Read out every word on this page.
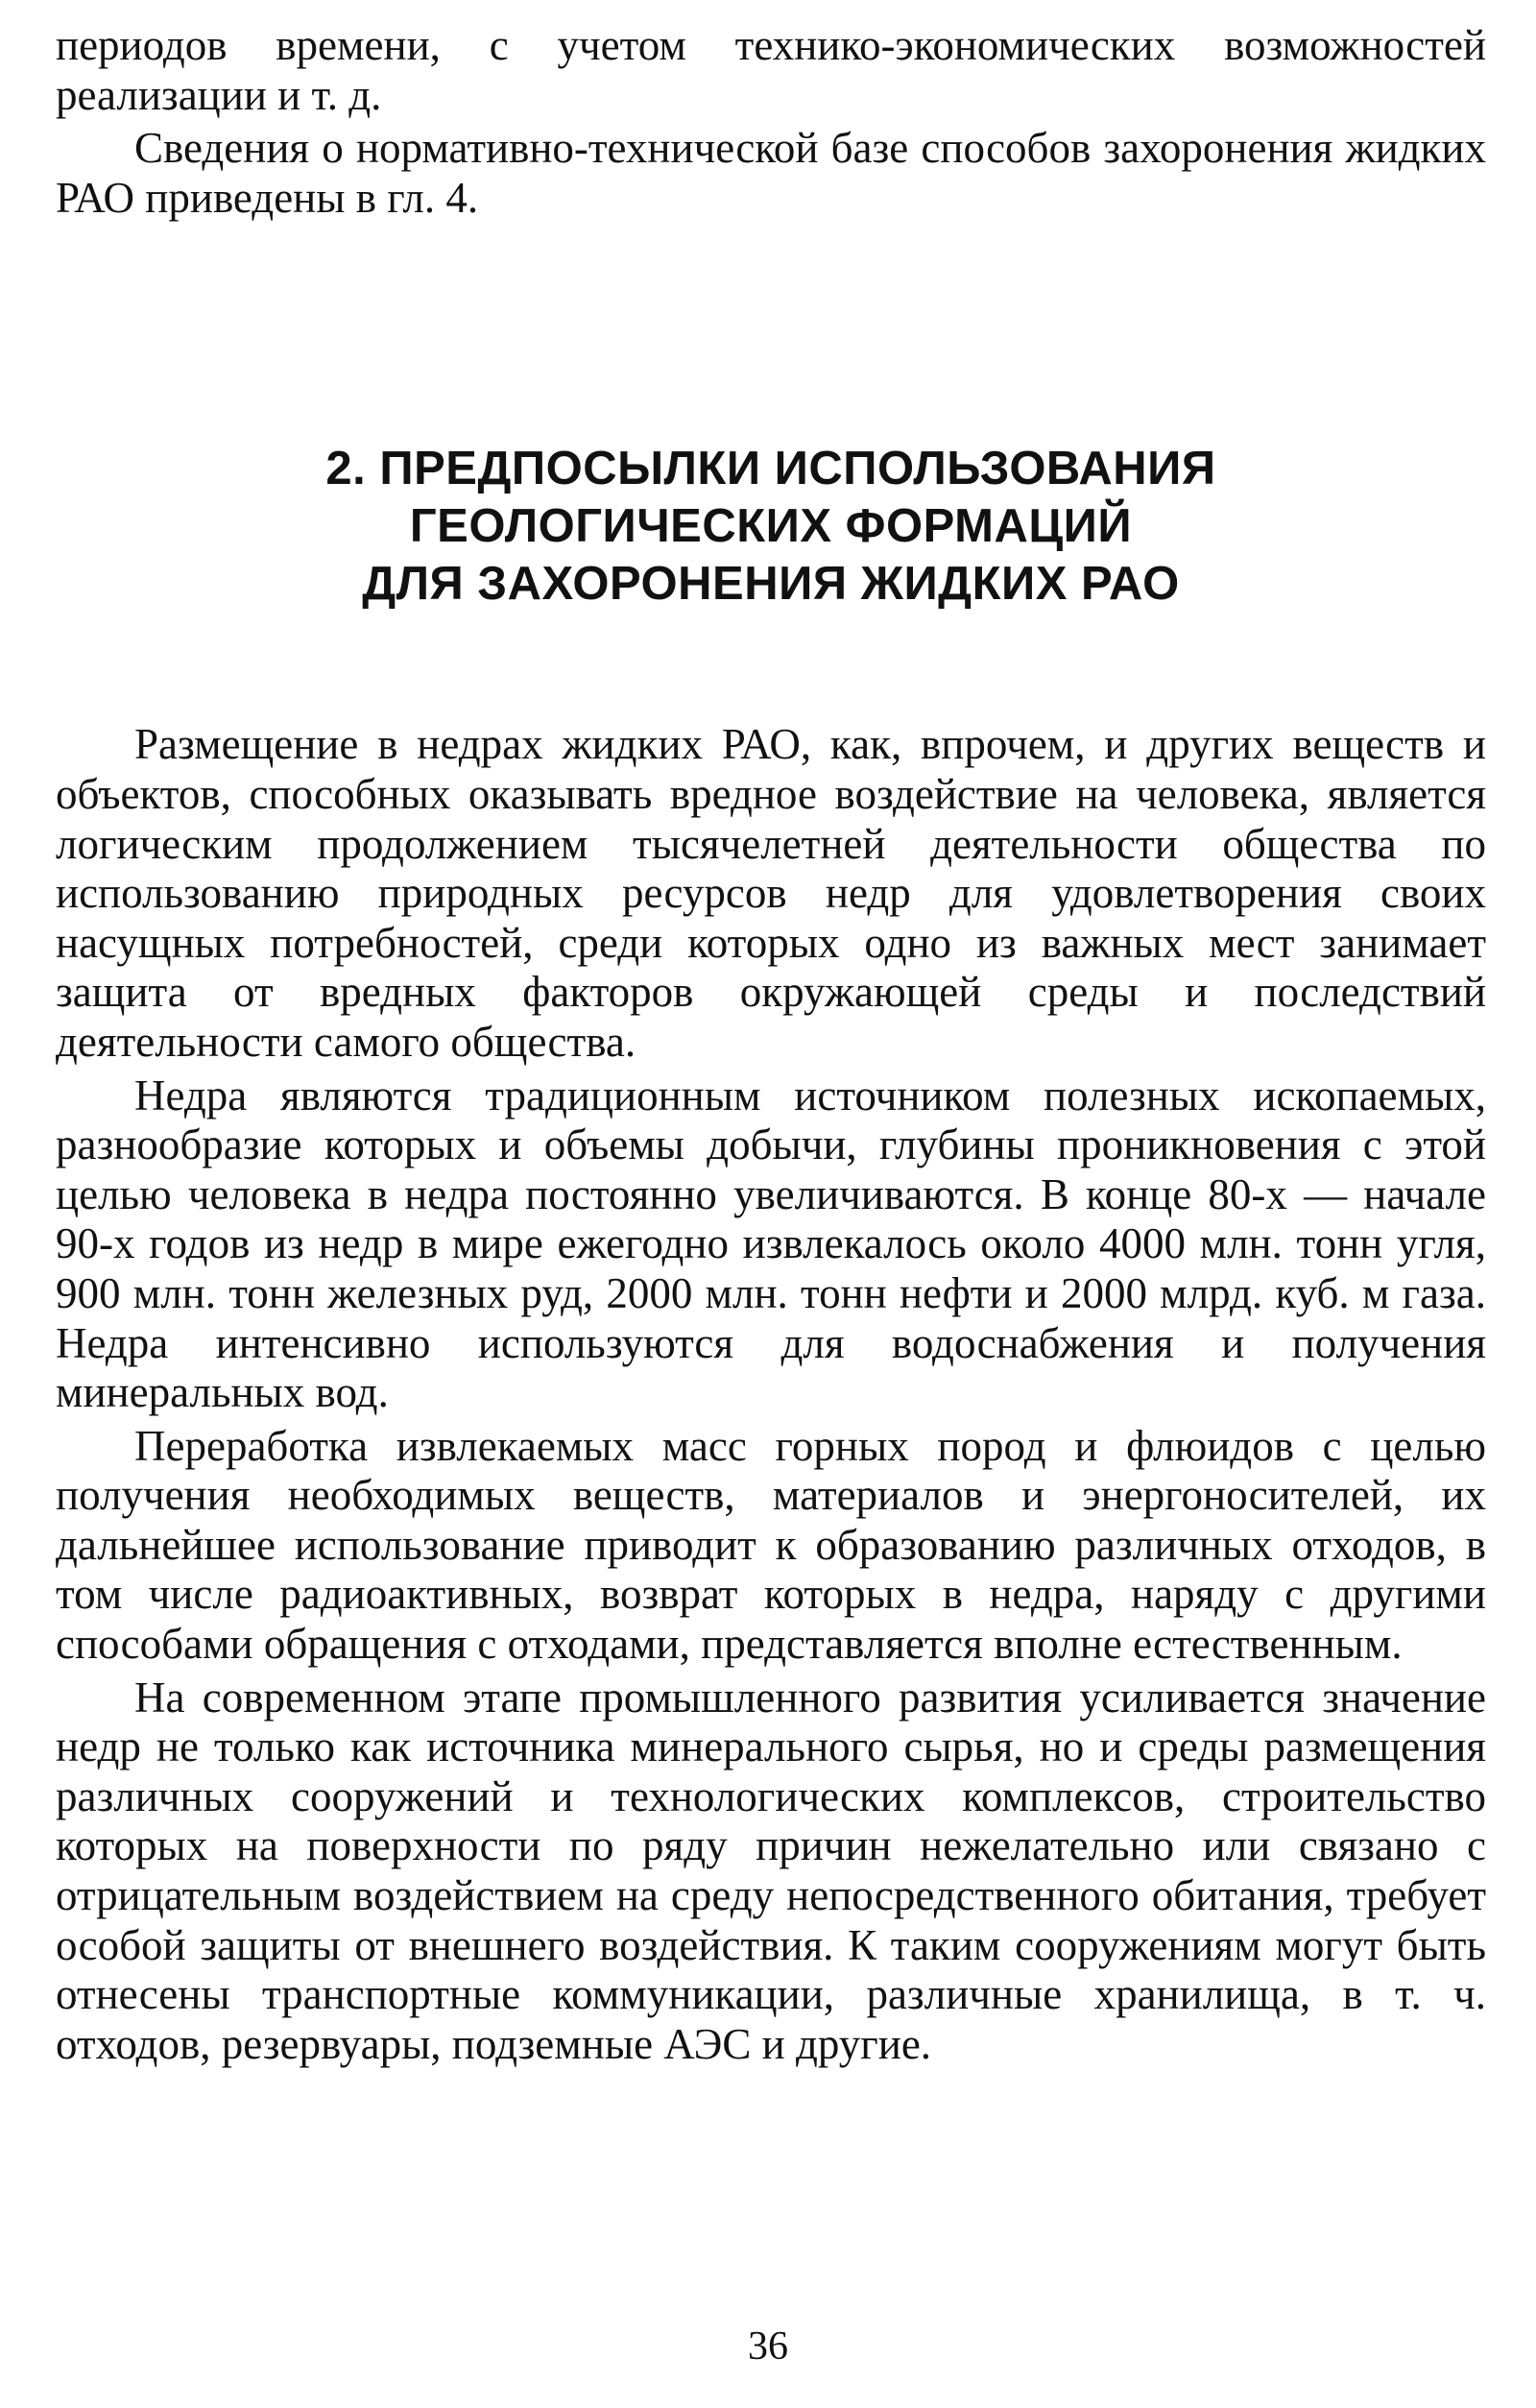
периодов времени, с учетом технико-экономических возможностей реализации и т. д.

Сведения о нормативно-технической базе способов захоронения жидких РАО приведены в гл. 4.

2. ПРЕДПОСЫЛКИ ИСПОЛЬЗОВАНИЯ
ГЕОЛОГИЧЕСКИХ ФОРМАЦИЙ
ДЛЯ ЗАХОРОНЕНИЯ ЖИДКИХ РАО

Размещение в недрах жидких РАО, как, впрочем, и других веществ и объектов, способных оказывать вредное воздействие на человека, является логическим продолжением тысячелетней деятельности общества по использованию природных ресурсов недр для удовлетворения своих насущных потребностей, среди которых одно из важных мест занимает защита от вредных факторов окружающей среды и последствий деятельности самого общества.

Недра являются традиционным источником полезных ископаемых, разнообразие которых и объемы добычи, глубины проникновения с этой целью человека в недра постоянно увеличиваются. В конце 80-х — начале 90-х годов из недр в мире ежегодно извлекалось около 4000 млн. тонн угля, 900 млн. тонн железных руд, 2000 млн. тонн нефти и 2000 млрд. куб. м газа. Недра интенсивно используются для водоснабжения и получения минеральных вод.

Переработка извлекаемых масс горных пород и флюидов с целью получения необходимых веществ, материалов и энергоносителей, их дальнейшее использование приводит к образованию различных отходов, в том числе радиоактивных, возврат которых в недра, наряду с другими способами обращения с отходами, представляется вполне естественным.

На современном этапе промышленного развития усиливается значение недр не только как источника минерального сырья, но и среды размещения различных сооружений и технологических комплексов, строительство которых на поверхности по ряду причин нежелательно или связано с отрицательным воздействием на среду непосредственного обитания, требует особой защиты от внешнего воздействия. К таким сооружениям могут быть отнесены транспортные коммуникации, различные хранилища, в т. ч. отходов, резервуары, подземные АЭС и другие.

36
